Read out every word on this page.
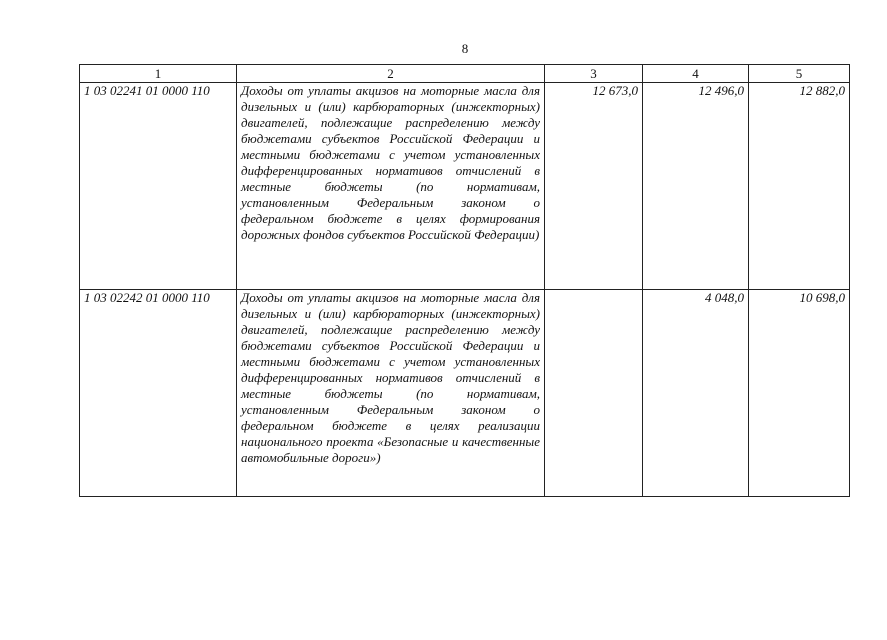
8
1	2	3	4	5
1 03 02241 01 0000 110	Доходы от уплаты акцизов на моторные масла для дизельных и (или) карбюраторных (инжекторных) двигателей, подлежащие распределению между бюджетами субъектов Российской Федерации и местными бюджетами с учетом установленных дифференцированных нормативов отчислений в местные бюджеты (по нормативам, установленным Федеральным законом о федеральном бюджете в целях формирования дорожных фондов субъектов Российской Федерации)	12 673,0	12 496,0	12 882,0
1 03 02242 01 0000 110	Доходы от уплаты акцизов на моторные масла для дизельных и (или) карбюраторных (инжекторных) двигателей, подлежащие распределению между бюджетами субъектов Российской Федерации и местными бюджетами с учетом установленных дифференцированных нормативов отчислений в местные бюджеты (по нормативам, установленным Федеральным законом о федеральном бюджете в целях реализации национального проекта «Безопасные и качественные автомобильные дороги»)		4 048,0	10 698,0
